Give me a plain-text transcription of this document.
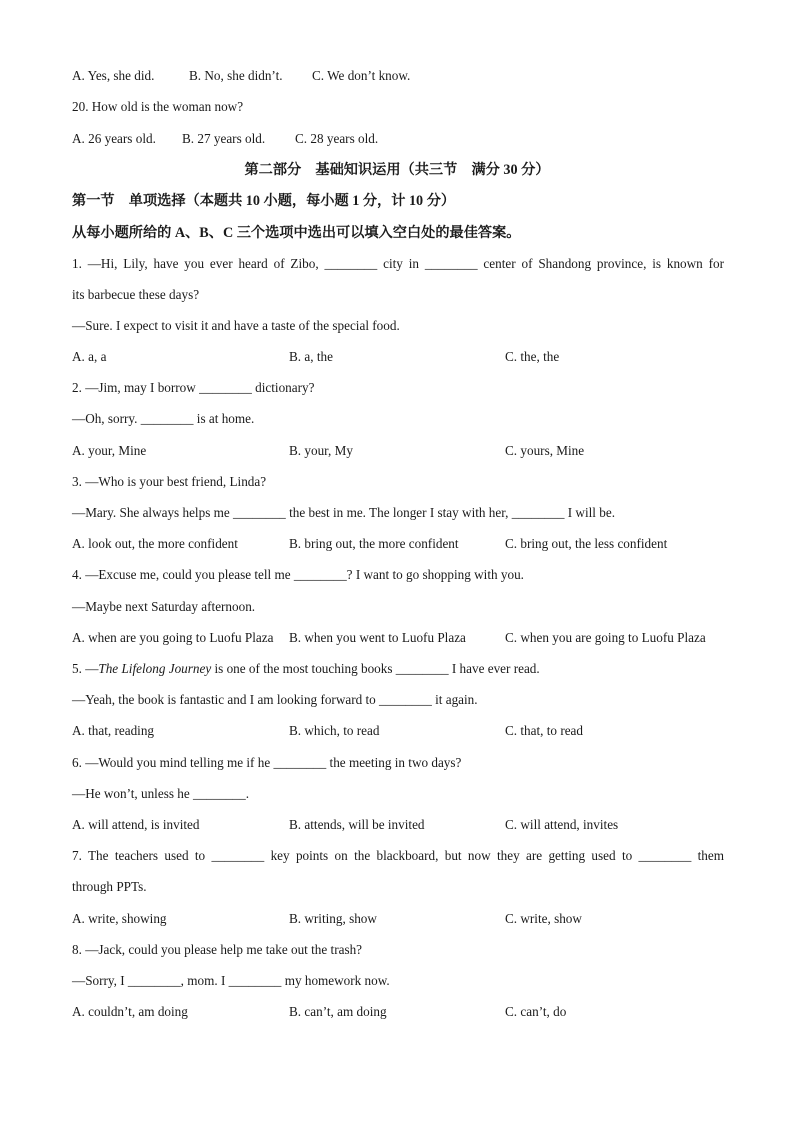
A. Yes, she did.	B. No, she didn’t. C. We don’t know.
20. How old is the woman now?
A. 26 years old. B. 27 years old. C. 28 years old.
第二部分　基础知识运用（共三节　满分 30 分）
第一节　单项选择（本题共 10 小题，每小题 1 分，计 10 分）
从每小题所给的 A、B、C 三个选项中选出可以填入空白处的最佳答案。
1. —Hi, Lily, have you ever heard of Zibo, ________ city in ________ center of Shandong province, is known for
its barbecue these days?
—Sure. I expect to visit it and have a taste of the special food.
A. a, a	B. a, the	C. the, the
2. —Jim, may I borrow ________ dictionary?
—Oh, sorry. ________ is at home.
A. your, Mine	B. your, My	C. yours, Mine
3. —Who is your best friend, Linda?
—Mary. She always helps me ________ the best in me. The longer I stay with her, ________ I will be.
A. look out, the more confident	B. bring out, the more confident	C. bring out, the less confident
4. —Excuse me, could you please tell me ________? I want to go shopping with you.
—Maybe next Saturday afternoon.
A. when are you going to Luofu Plaza B. when you went to Luofu Plaza	C. when you are going to Luofu Plaza
5. —The Lifelong Journey is one of the most touching books ________ I have ever read.
—Yeah, the book is fantastic and I am looking forward to ________ it again.
A. that, reading	B. which, to read	C. that, to read
6. —Would you mind telling me if he ________ the meeting in two days?
—He won’t, unless he ________.
A. will attend, is invited	B. attends, will be invited	C. will attend, invites
7. The teachers used to ________ key points on the blackboard, but now they are getting used to ________ them
through PPTs.
A. write, showing	B. writing, show	C. write, show
8. —Jack, could you please help me take out the trash?
—Sorry, I ________, mom. I ________ my homework now.
A. couldn’t, am doing	B. can’t, am doing	C. can’t, do
